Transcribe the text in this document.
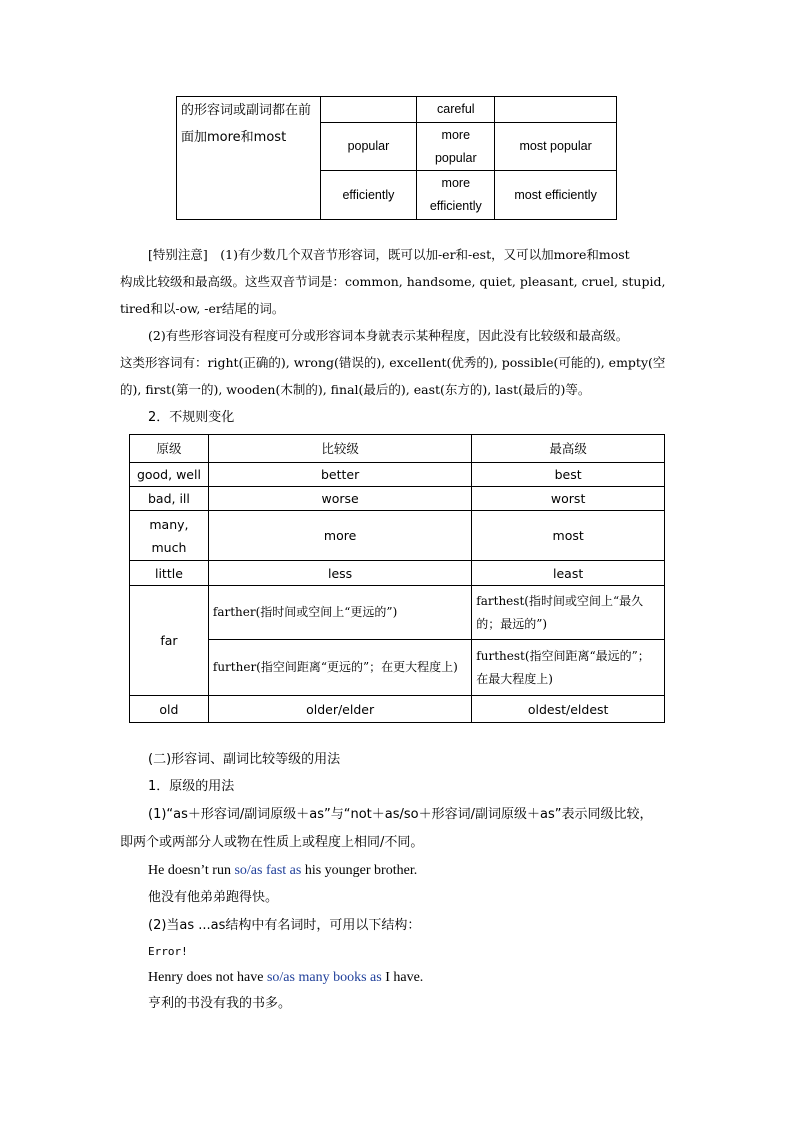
的形容词或副词都在前面加more和most		careful	
	popular	more popular	most popular
	efficiently	more efficiently	most efficiently

[特别注意]　(1)有少数几个双音节形容词，既可以加-er和-est，又可以加more和most

构成比较级和最高级。这些双音节词是：common, handsome, quiet, pleasant, cruel, stupid,

tired和以-ow, -er结尾的词。

(2)有些形容词没有程度可分或形容词本身就表示某种程度，因此没有比较级和最高级。

这类形容词有：right(正确的), wrong(错误的), excellent(优秀的), possible(可能的), empty(空

的), first(第一的), wooden(木制的), final(最后的), east(东方的), last(最后的)等。

2．不规则变化

原级	比较级	最高级
good, well	better	best
bad, ill	worse	worst
many, much	more	most
little	less	least
far	farther(指时间或空间上“更远的”)	farthest(指时间或空间上“最久的；最远的”)
	further(指空间距离“更远的”；在更大程度上)	furthest(指空间距离“最远的”；在最大程度上)
old	older/elder	oldest/eldest

(二)形容词、副词比较等级的用法

1．原级的用法

(1)“as＋形容词/副词原级＋as”与“not＋as/so＋形容词/副词原级＋as”表示同级比较，

即两个或两部分人或物在性质上或程度上相同/不同。

He doesn’t run so/as fast as his younger brother.

他没有他弟弟跑得快。

(2)当as ...as结构中有名词时，可用以下结构：

Error!

Henry does not have so/as many books as I have.

亨利的书没有我的书多。
